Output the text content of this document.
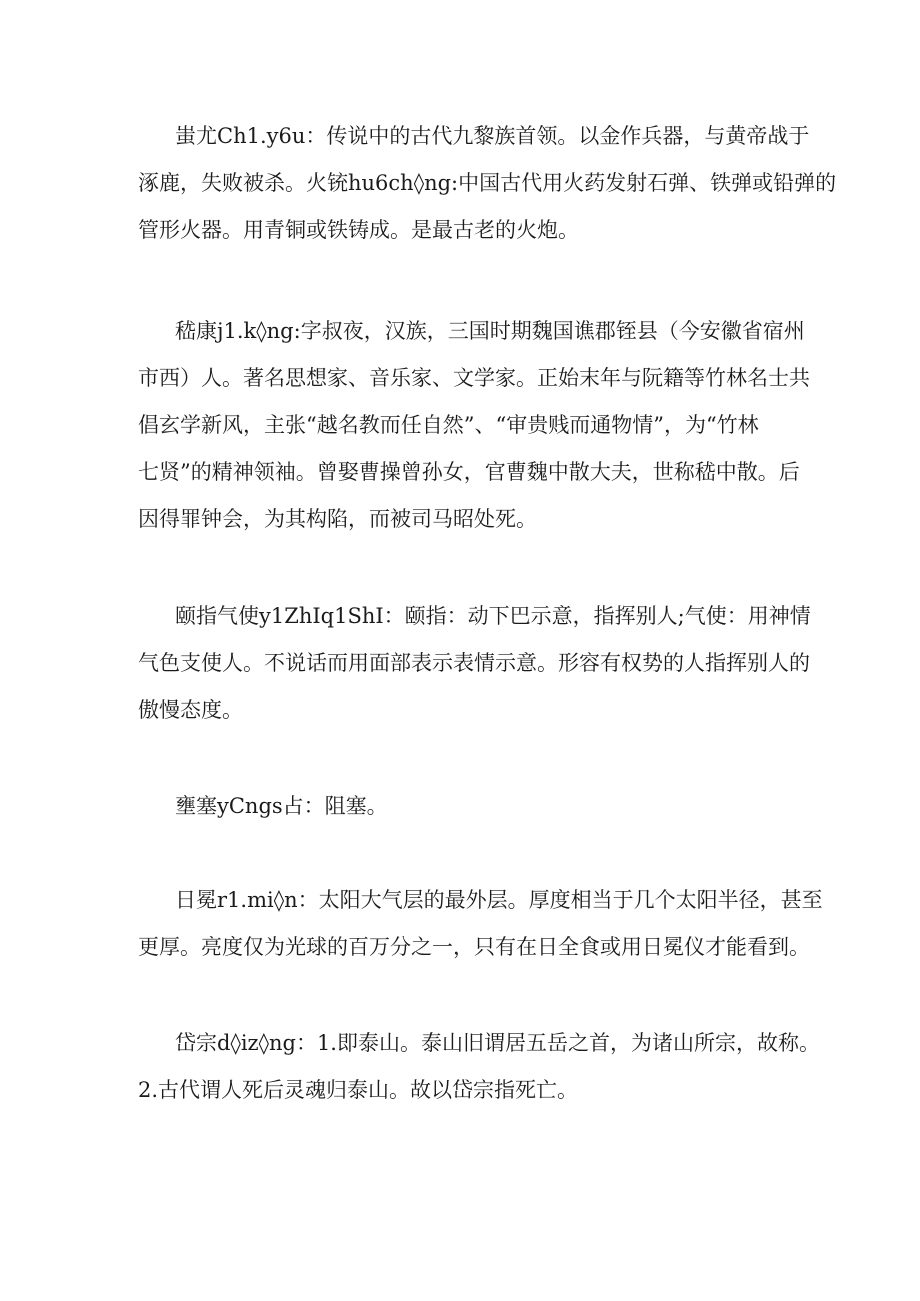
蚩尤Ch1.y6u：传说中的古代九黎族首领。以金作兵器，与黄帝战于
涿鹿，失败被杀。火铳hu6ch◊ng:中国古代用火药发射石弹、铁弹或铅弹的
管形火器。用青铜或铁铸成。是最古老的火炮。
嵇康j1.k◊ng:字叔夜，汉族，三国时期魏国谯郡铚县（今安徽省宿州
市西）人。著名思想家、音乐家、文学家。正始末年与阮籍等竹林名士共
倡玄学新风，主张“越名教而任自然”、“审贵贱而通物情”，为“竹林
七贤”的精神领袖。曾娶曹操曾孙女，官曹魏中散大夫，世称嵇中散。后
因得罪钟会，为其构陷，而被司马昭处死。
颐指气使y1ZhIq1ShI：颐指：动下巴示意，指挥别人;气使：用神情
气色支使人。不说话而用面部表示表情示意。形容有权势的人指挥别人的
傲慢态度。
壅塞yCngs占：阻塞。
日冕r1.mi◊n：太阳大气层的最外层。厚度相当于几个太阳半径，甚至
更厚。亮度仅为光球的百万分之一，只有在日全食或用日冕仪才能看到。
岱宗d◊iz◊ng：1.即泰山。泰山旧谓居五岳之首，为诸山所宗，故称。
2.古代谓人死后灵魂归泰山。故以岱宗指死亡。
